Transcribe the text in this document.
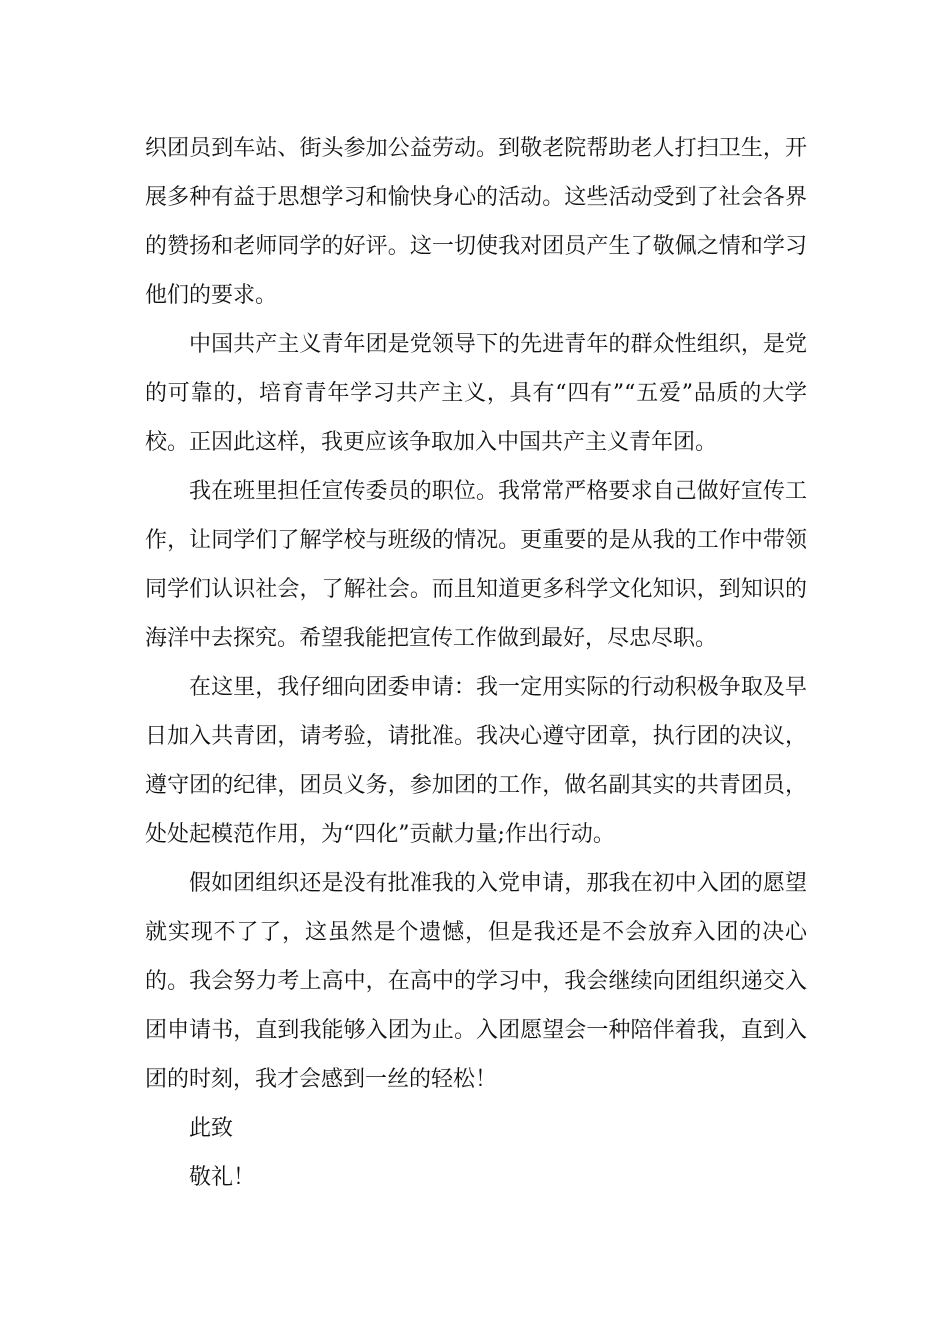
织团员到车站、街头参加公益劳动。到敬老院帮助老人打扫卫生，开展多种有益于思想学习和愉快身心的活动。这些活动受到了社会各界的赞扬和老师同学的好评。这一切使我对团员产生了敬佩之情和学习他们的要求。

中国共产主义青年团是党领导下的先进青年的群众性组织，是党的可靠的，培育青年学习共产主义，具有“四有”“五爱”品质的大学校。正因此这样，我更应该争取加入中国共产主义青年团。

我在班里担任宣传委员的职位。我常常严格要求自己做好宣传工作，让同学们了解学校与班级的情况。更重要的是从我的工作中带领同学们认识社会，了解社会。而且知道更多科学文化知识，到知识的海洋中去探究。希望我能把宣传工作做到最好，尽忠尽职。

在这里，我仔细向团委申请：我一定用实际的行动积极争取及早日加入共青团，请考验，请批准。我决心遵守团章，执行团的决议，遵守团的纪律，团员义务，参加团的工作，做名副其实的共青团员，处处起模范作用，为“四化”贡献力量;作出行动。

假如团组织还是没有批准我的入党申请，那我在初中入团的愿望就实现不了了，这虽然是个遗憾，但是我还是不会放弃入团的决心的。我会努力考上高中，在高中的学习中，我会继续向团组织递交入团申请书，直到我能够入团为止。入团愿望会一种陪伴着我，直到入团的时刻，我才会感到一丝的轻松！

此致

敬礼！
